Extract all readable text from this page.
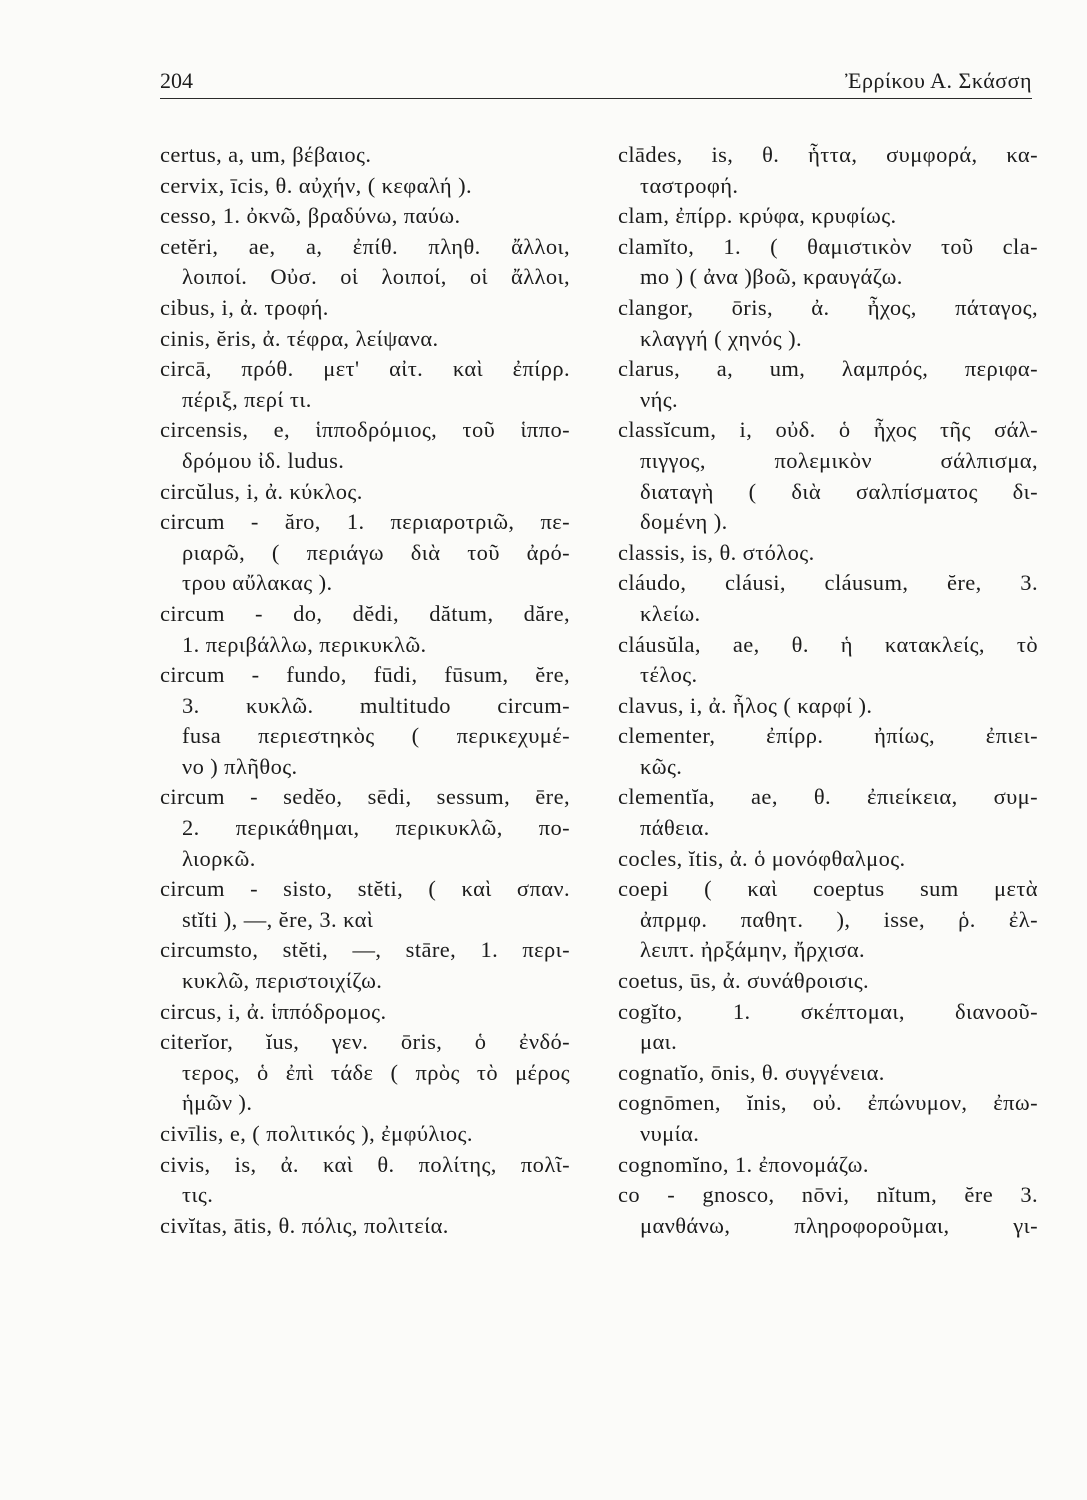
204	Ἐρρίκου Α. Σκάσση
certus, a, um, βέβαιος.
cervix, īcis, θ. αὐχήν, ( κεφαλή ).
cesso, 1. ὀκνῶ, βραδύνω, παύω.
cetĕri, ae, a, ἐπίθ. πληθ. ἄλλοι,
λοιποί. Οὐσ. οἱ λοιποί, οἱ ἄλλοι,
cibus, i, ἀ. τροφή.
cinis, ĕris, ἀ. τέφρα, λείψανα.
circā, πρόθ. μετ' αἰτ. καὶ ἐπίρρ.
πέριξ, περί τι.
circensis, e, ἱπποδρόμιος, τοῦ ἱππο-
δρόμου ἰδ. ludus.
circŭlus, i, ἀ. κύκλος.
circum - ăro, 1. περιαροτριῶ, πε-
ριαρῶ, ( περιάγω διὰ τοῦ ἀρό-
τρου αὔλακας ).
circum - do, dĕdi, dătum, dăre,
1. περιβάλλω, περικυκλῶ.
circum - fundo, fūdi, fūsum, ĕre,
3. κυκλῶ. multitudo circum-
fusa περιεστηκὸς ( περικεχυμέ-
νο ) πλῆθος.
circum - sedĕo, sēdi, sessum, ēre,
2. περικάθημαι, περικυκλῶ, πο-
λιορκῶ.
circum - sisto, stĕti, ( καὶ σπαν.
stĭti ), —, ĕre, 3. καὶ
circumsto, stĕti, —, stāre, 1. περι-
κυκλῶ, περιστοιχίζω.
circus, i, ἀ. ἱππόδρομος.
citerĭor, ĭus, γεν. ōris, ὁ ἐνδό-
τερος, ὁ ἐπὶ τάδε ( πρὸς τὸ μέρος
ἡμῶν ).
civīlis, e, ( πολιτικός ), ἐμφύλιος.
civis, is, ἀ. καὶ θ. πολίτης, πολῖ-
τις.
civĭtas, ātis, θ. πόλις, πολιτεία.
clādes, is, θ. ἧττα, συμφορά, κα-
ταστροφή.
clam, ἐπίρρ. κρύφα, κρυφίως.
clamĭto, 1. ( θαμιστικὸν τοῦ cla-
mo ) ( ἀνα )βοῶ, κραυγάζω.
clangor, ōris, ἀ. ἦχος, πάταγος,
κλαγγή ( χηνός ).
clarus, a, um, λαμπρός, περιφα-
νής.
classĭcum, i, οὐδ. ὁ ἦχος τῆς σάλ-
πιγγος, πολεμικὸν σάλπισμα,
διαταγὴ ( διὰ σαλπίσματος δι-
δομένη ).
classis, is, θ. στόλος.
cláudo, cláusi, cláusum, ĕre, 3.
κλείω.
cláusŭla, ae, θ. ἡ κατακλείς, τὸ
τέλος.
clavus, i, ἀ. ἧλος ( καρφί ).
clementer, ἐπίρρ. ἠπίως, ἐπιει-
κῶς.
clementĭa, ae, θ. ἐπιείκεια, συμ-
πάθεια.
cocles, ĭtis, ἀ. ὁ μονόφθαλμος.
coepi ( καὶ coeptus sum μετὰ
ἀπρμφ. παθητ. ), isse, ῥ. ἐλ-
λειπτ. ἠρξάμην, ἤρχισα.
coetus, ūs, ἀ. συνάθροισις.
cogĭto, 1. σκέπτομαι, διανοοῦ-
μαι.
cognatĭo, ōnis, θ. συγγένεια.
cognōmen, ĭnis, οὐ. ἐπώνυμον, ἐπω-
νυμία.
cognomĭno, 1. ἐπονομάζω.
co - gnosco, nōvi, nĭtum, ĕre 3.
μανθάνω, πληροφοροῦμαι, γι-
